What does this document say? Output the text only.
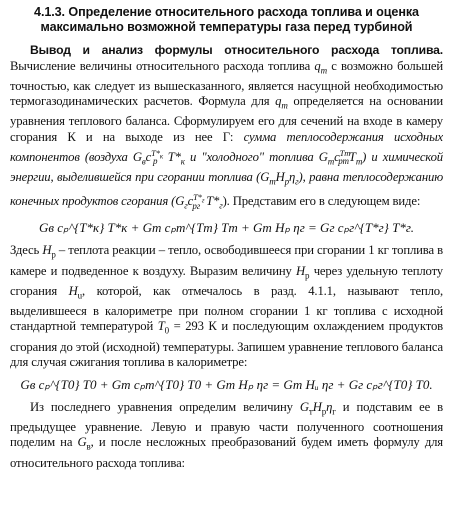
4.1.3. Определение относительного расхода топлива и оценка
максимально возможной температуры газа перед турбиной

Вывод и анализ формулы относительного расхода топлива. Вычисление величины относительного расхода топлива $q_т$ с возможно большей точностью, как следует из вышесказанного, является насущной необходимостью термогазодинамических расчетов. Формула для $q_т$ определяется на основании уравнения теплового баланса. Сформулируем его для сечений на входе в камеру сгорания К и на выходе из нее Г: сумма теплосодержания исходных компонентов (воздуха $G_вc^{T*_к}_p$ $T*_к$ и "холодного" топлива $G_тc^{Tт}_{pт}T_т$) и химической энергии, выделившейся при сгорании топлива $(G_тH_p\eta_г)$, равна теплосодержанию конечных продуктов сгорания ($G_гc^{T*_г}_{pг}$ $T*_г$). Представим его в следующем виде:

Gв cₚ^{T*к} T*к + Gт cₚт^{Tт} Tт + Gт Hₚ ηг = Gг cₚг^{T*г} T*г.

Здесь $H_p$ – теплота реакции – тепло, освободившееся при сгорании 1 кг топлива в камере и подведенное к воздуху. Выразим величину $H_p$ через удельную теплоту сгорания $H_u$, которой, как отмечалось в разд. 4.1.1, называют тепло, выделившееся в калориметре при полном сгорании 1 кг топлива с исходной стандартной температурой $T_0 = 293$ К и последующим охлаждением продуктов сгорания до этой (исходной) температуры. Запишем уравнение теплового баланса для случая сжигания топлива в калориметре:

Gв cₚ^{T0} T0 + Gт cₚт^{T0} T0 + Gт Hₚ ηг = Gт Hᵤ ηг + Gг cₚг^{T0} T0.

Из последнего уравнения определим величину $G_тH_p\eta_г$ и подставим ее в предыдущее уравнение. Левую и правую части полученного соотношения поделим на $G_в$, и после несложных преобразований будем иметь формулу для относительного расхода топлива:
